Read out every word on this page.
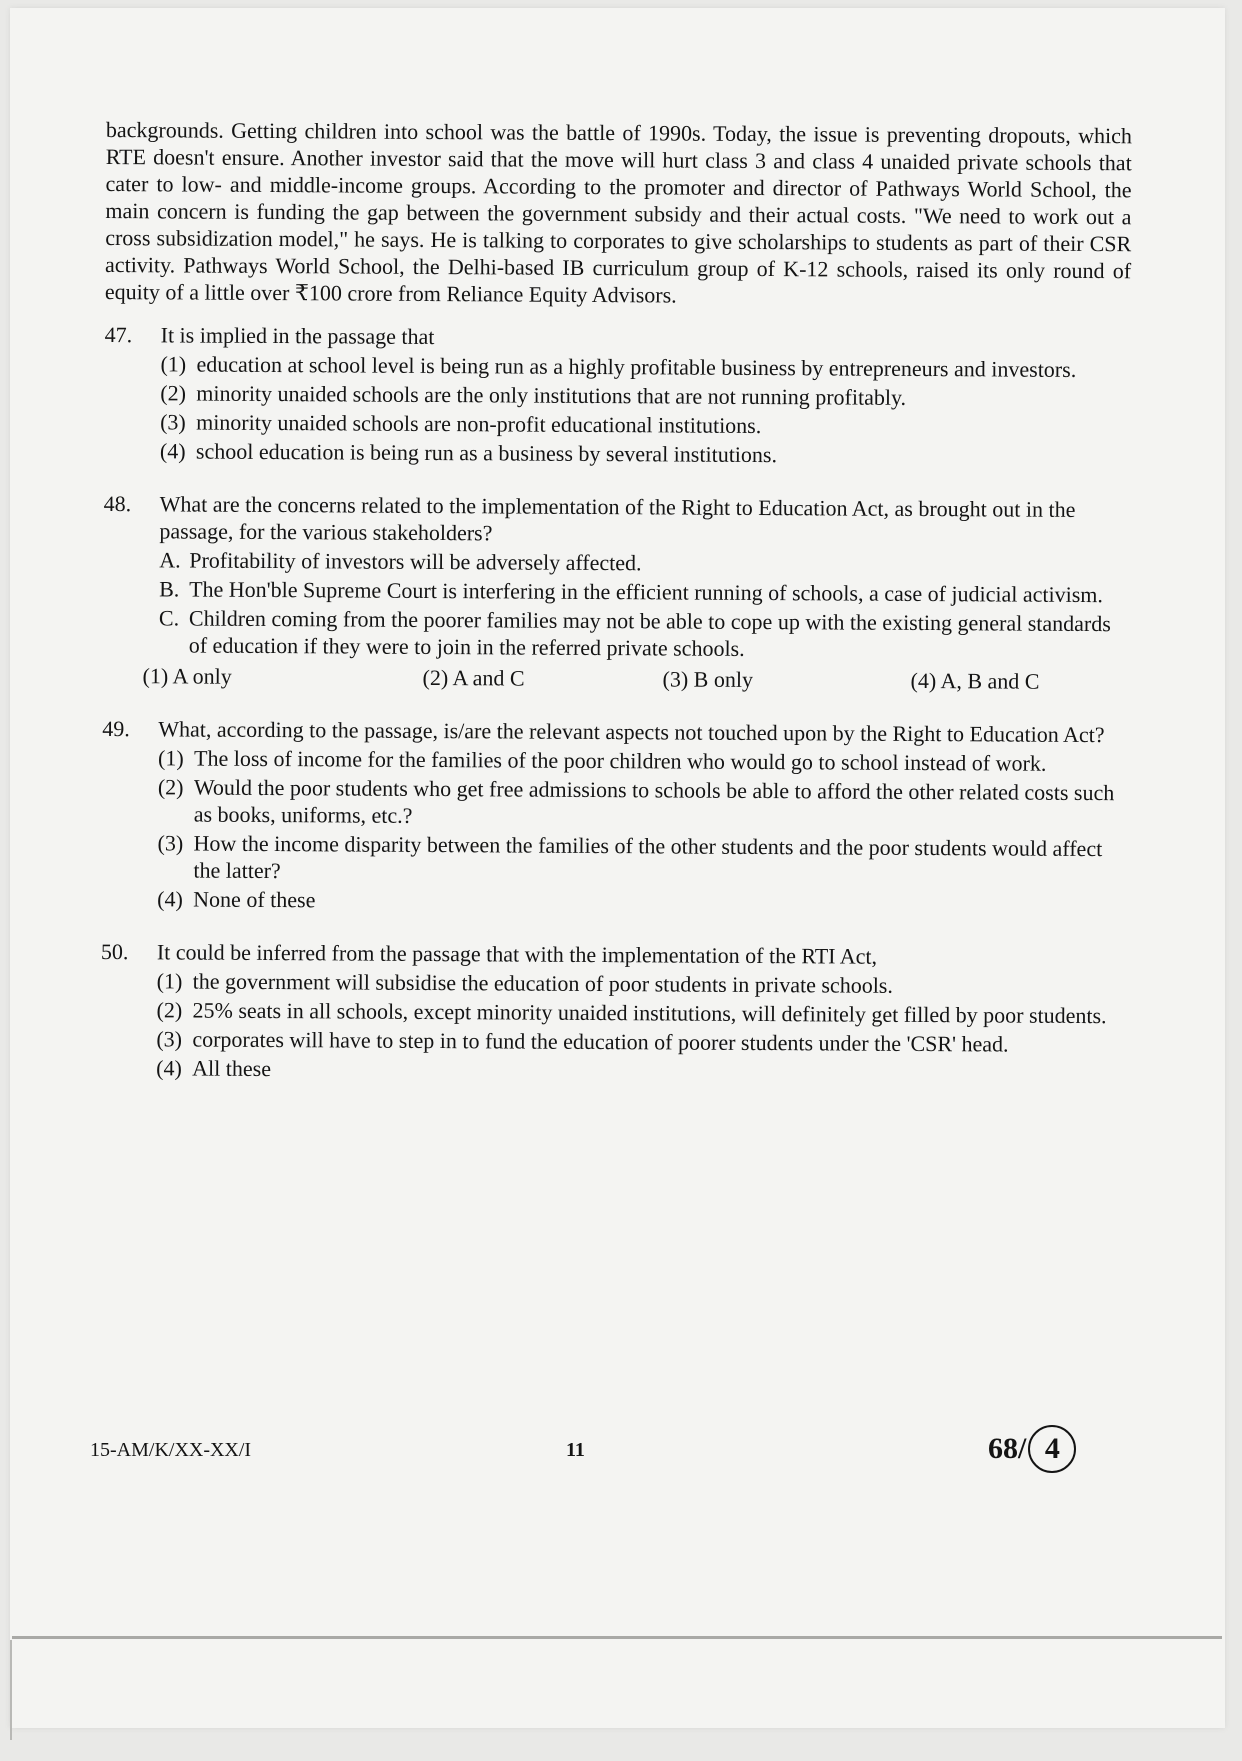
backgrounds. Getting children into school was the battle of 1990s. Today, the issue is preventing dropouts, which RTE doesn't ensure. Another investor said that the move will hurt class 3 and class 4 unaided private schools that cater to low- and middle-income groups. According to the promoter and director of Pathways World School, the main concern is funding the gap between the government subsidy and their actual costs. "We need to work out a cross subsidization model," he says. He is talking to corporates to give scholarships to students as part of their CSR activity. Pathways World School, the Delhi-based IB curriculum group of K-12 schools, raised its only round of equity of a little over ₹100 crore from Reliance Equity Advisors.

47.	It is implied in the passage that
(1) education at school level is being run as a highly profitable business by entrepreneurs and investors.
(2) minority unaided schools are the only institutions that are not running profitably.
(3) minority unaided schools are non-profit educational institutions.
(4) school education is being run as a business by several institutions.
48.	What are the concerns related to the implementation of the Right to Education Act, as brought out in the passage, for the various stakeholders?
A. Profitability of investors will be adversely affected.
B. The Hon'ble Supreme Court is interfering in the efficient running of schools, a case of judicial activism.
C. Children coming from the poorer families may not be able to cope up with the existing general standards of education if they were to join in the referred private schools.
(1) A only	(2) A and C	(3) B only	(4) A, B and C
49.	What, according to the passage, is/are the relevant aspects not touched upon by the Right to Education Act?
(1) The loss of income for the families of the poor children who would go to school instead of work.
(2) Would the poor students who get free admissions to schools be able to afford the other related costs such as books, uniforms, etc.?
(3) How the income disparity between the families of the other students and the poor students would affect the latter?
(4) None of these
50.	It could be inferred from the passage that with the implementation of the RTI Act,
(1) the government will subsidise the education of poor students in private schools.
(2) 25% seats in all schools, except minority unaided institutions, will definitely get filled by poor students.
(3) corporates will have to step in to fund the education of poorer students under the 'CSR' head.
(4) All these
15-AM/K/XX-XX/I	11	68/ 4
